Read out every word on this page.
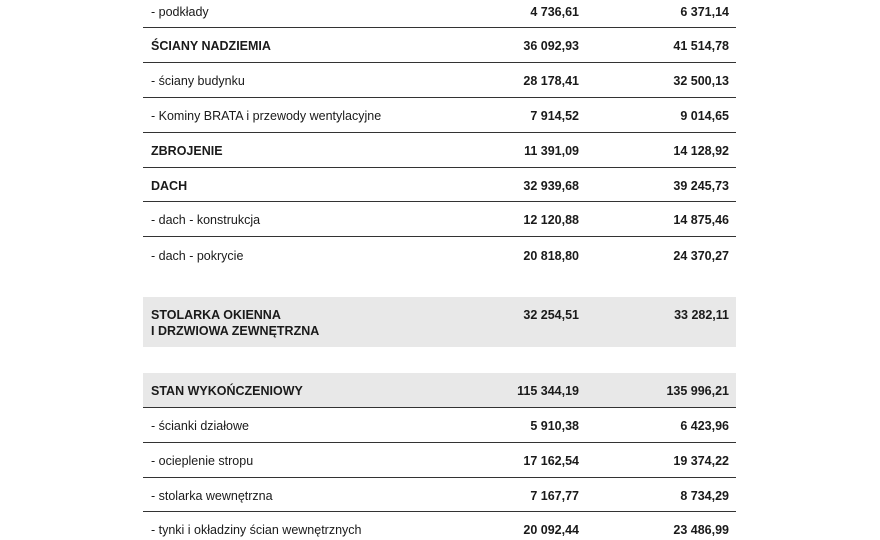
- podkłady	4 736,61	6 371,14
ŚCIANY NADZIEMIA	36 092,93	41 514,78
- ściany budynku	28 178,41	32 500,13
- Kominy BRATA i przewody wentylacyjne	7 914,52	9 014,65
ZBROJENIE	11 391,09	14 128,92
DACH	32 939,68	39 245,73
- dach - konstrukcja	12 120,88	14 875,46
- dach - pokrycie	20 818,80	24 370,27
STOLARKA OKIENNA
I DRZWIOWA ZEWNĘTRZNA
32 254,51	33 282,11
STAN WYKOŃCZENIOWY	115 344,19	135 996,21
- ścianki działowe	5 910,38	6 423,96
- ocieplenie stropu	17 162,54	19 374,22
- stolarka wewnętrzna	7 167,77	8 734,29
- tynki i okładziny ścian wewnętrznych	20 092,44	23 486,99
